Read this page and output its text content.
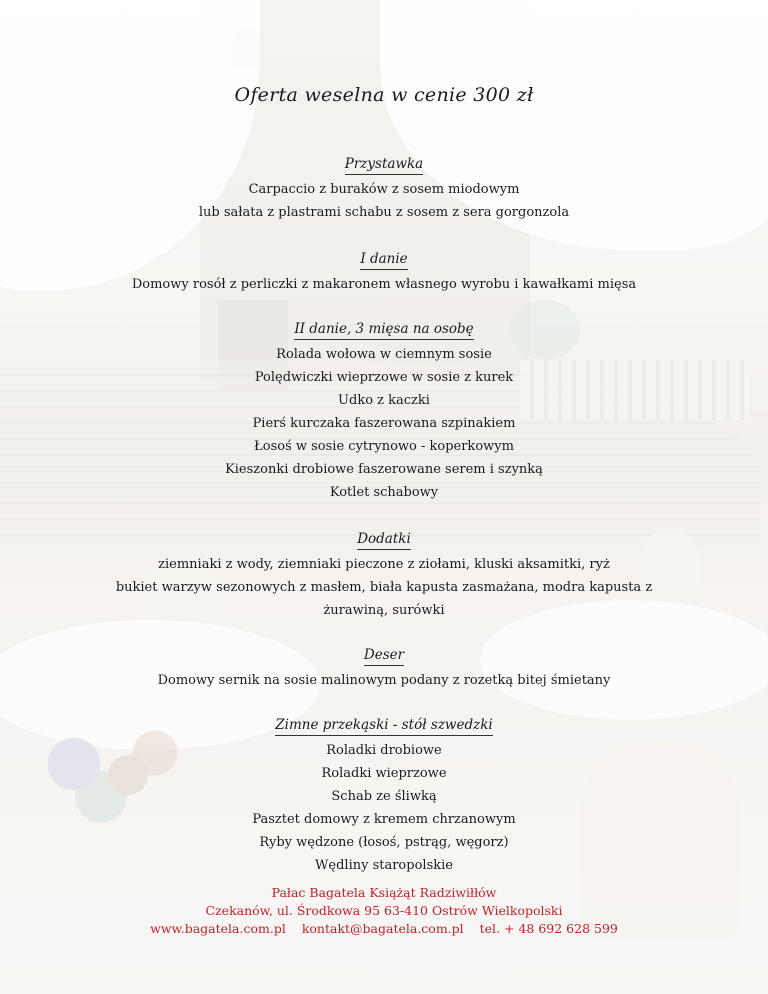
Oferta weselna w cenie 300 zł
Przystawka
Carpaccio z buraków z sosem miodowym
lub sałata z plastrami schabu z sosem z sera gorgonzola
I danie
Domowy rosół z perliczki z makaronem własnego wyrobu i kawałkami mięsa
II danie, 3 mięsa na osobę
Rolada wołowa w ciemnym sosie
Polędwiczki wieprzowe w sosie z kurek
Udko z kaczki
Pierś kurczaka faszerowana szpinakiem
Łosoś w sosie cytrynowo - koperkowym
Kieszonki drobiowe faszerowane serem i szynką
Kotlet schabowy
Dodatki
ziemniaki z wody, ziemniaki pieczone z ziołami, kluski aksamitki, ryż
bukiet warzyw sezonowych z masłem, biała kapusta zasmażana, modra kapusta z
żurawiną, surówki
Deser
Domowy sernik na sosie malinowym podany z rozetką bitej śmietany
Zimne przekąski - stół szwedzki
Roladki drobiowe
Roladki wieprzowe
Schab ze śliwką
Pasztet domowy z kremem chrzanowym
Ryby wędzone (łosoś, pstrąg, węgorz)
Wędliny staropolskie
Pałac Bagatela Książąt Radziwiłłów
Czekanów, ul. Środkowa 95 63-410 Ostrów Wielkopolski
www.bagatela.com.pl kontakt@bagatela.com.pl tel. + 48 692 628 599
